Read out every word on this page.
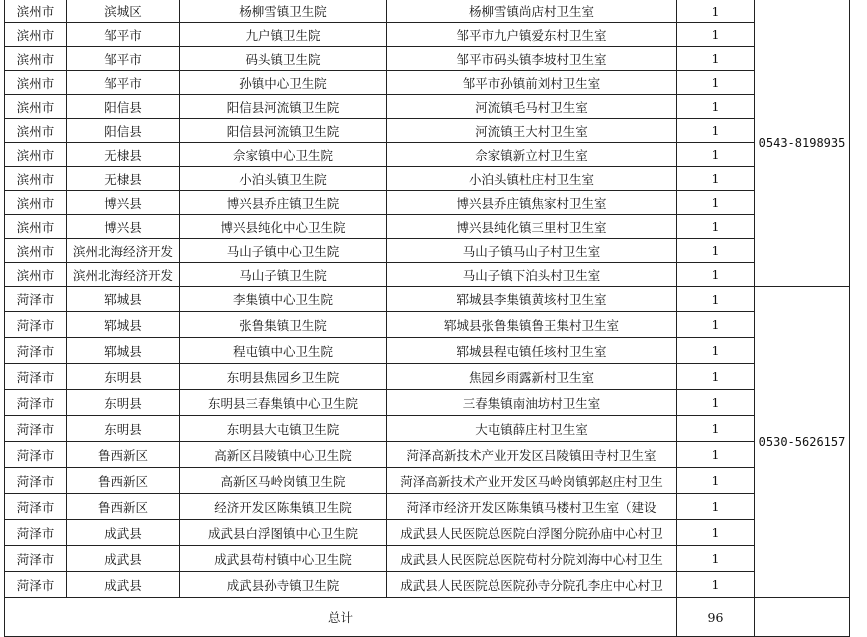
滨州市	滨城区	杨柳雪镇卫生院	杨柳雪镇尚店村卫生室	1	0543-8198935
滨州市	邹平市	九户镇卫生院	邹平市九户镇爱东村卫生室	1	
滨州市	邹平市	码头镇卫生院	邹平市码头镇李坡村卫生室	1	
滨州市	邹平市	孙镇中心卫生院	邹平市孙镇前刘村卫生室	1	
滨州市	阳信县	阳信县河流镇卫生院	河流镇毛马村卫生室	1	
滨州市	阳信县	阳信县河流镇卫生院	河流镇王大村卫生室	1	
滨州市	无棣县	佘家镇中心卫生院	佘家镇新立村卫生室	1	
滨州市	无棣县	小泊头镇卫生院	小泊头镇杜庄村卫生室	1	
滨州市	博兴县	博兴县乔庄镇卫生院	博兴县乔庄镇焦家村卫生室	1	
滨州市	博兴县	博兴县纯化中心卫生院	博兴县纯化镇三里村卫生室	1	
滨州市	滨州北海经济开发	马山子镇中心卫生院	马山子镇马山子村卫生室	1	
滨州市	滨州北海经济开发	马山子镇卫生院	马山子镇下泊头村卫生室	1	
菏泽市	郓城县	李集镇中心卫生院	郓城县李集镇黄垓村卫生室	1	0530-5626157
菏泽市	郓城县	张鲁集镇卫生院	郓城县张鲁集镇鲁王集村卫生室	1	
菏泽市	郓城县	程屯镇中心卫生院	郓城县程屯镇任垓村卫生室	1	
菏泽市	东明县	东明县焦园乡卫生院	焦园乡雨露新村卫生室	1	
菏泽市	东明县	东明县三春集镇中心卫生院	三春集镇南油坊村卫生室	1	
菏泽市	东明县	东明县大屯镇卫生院	大屯镇薛庄村卫生室	1	
菏泽市	鲁西新区	高新区吕陵镇中心卫生院	菏泽高新技术产业开发区吕陵镇田寺村卫生室	1	
菏泽市	鲁西新区	高新区马岭岗镇卫生院	菏泽高新技术产业开发区马岭岗镇郭赵庄村卫生	1	
菏泽市	鲁西新区	经济开发区陈集镇卫生院	菏泽市经济开发区陈集镇马楼村卫生室（建设	1	
菏泽市	成武县	成武县白浮图镇中心卫生院	成武县人民医院总医院白浮图分院孙庙中心村卫	1	
菏泽市	成武县	成武县苟村镇中心卫生院	成武县人民医院总医院苟村分院刘海中心村卫生	1	
菏泽市	成武县	成武县孙寺镇卫生院	成武县人民医院总医院孙寺分院孔李庄中心村卫	1	
总计				96	
